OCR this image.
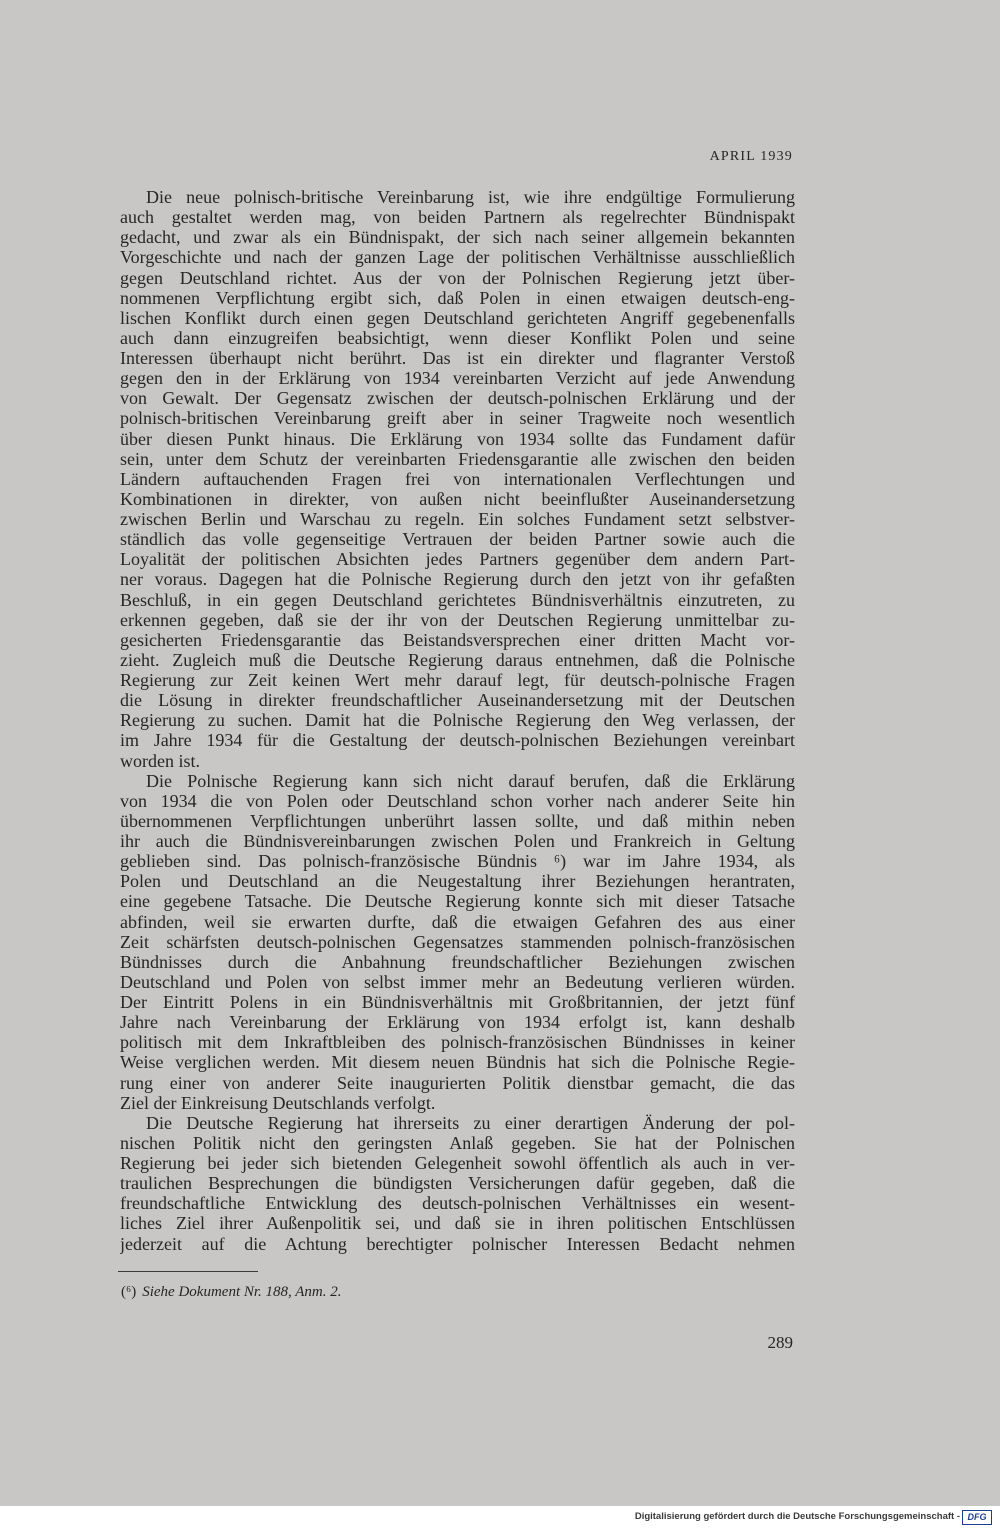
APRIL 1939
Die neue polnisch-britische Vereinbarung ist, wie ihre endgültige Formulierung
auch gestaltet werden mag, von beiden Partnern als regelrechter Bündnispakt
gedacht, und zwar als ein Bündnispakt, der sich nach seiner allgemein bekannten
Vorgeschichte und nach der ganzen Lage der politischen Verhältnisse ausschließlich
gegen Deutschland richtet. Aus der von der Polnischen Regierung jetzt über-
nommenen Verpflichtung ergibt sich, daß Polen in einen etwaigen deutsch-eng-
lischen Konflikt durch einen gegen Deutschland gerichteten Angriff gegebenenfalls
auch dann einzugreifen beabsichtigt, wenn dieser Konflikt Polen und seine
Interessen überhaupt nicht berührt. Das ist ein direkter und flagranter Verstoß
gegen den in der Erklärung von 1934 vereinbarten Verzicht auf jede Anwendung
von Gewalt. Der Gegensatz zwischen der deutsch-polnischen Erklärung und der
polnisch-britischen Vereinbarung greift aber in seiner Tragweite noch wesentlich
über diesen Punkt hinaus. Die Erklärung von 1934 sollte das Fundament dafür
sein, unter dem Schutz der vereinbarten Friedensgarantie alle zwischen den beiden
Ländern auftauchenden Fragen frei von internationalen Verflechtungen und
Kombinationen in direkter, von außen nicht beeinflußter Auseinandersetzung
zwischen Berlin und Warschau zu regeln. Ein solches Fundament setzt selbstver-
ständlich das volle gegenseitige Vertrauen der beiden Partner sowie auch die
Loyalität der politischen Absichten jedes Partners gegenüber dem andern Part-
ner voraus. Dagegen hat die Polnische Regierung durch den jetzt von ihr gefaßten
Beschluß, in ein gegen Deutschland gerichtetes Bündnisverhältnis einzutreten, zu
erkennen gegeben, daß sie der ihr von der Deutschen Regierung unmittelbar zu-
gesicherten Friedensgarantie das Beistandsversprechen einer dritten Macht vor-
zieht. Zugleich muß die Deutsche Regierung daraus entnehmen, daß die Polnische
Regierung zur Zeit keinen Wert mehr darauf legt, für deutsch-polnische Fragen
die Lösung in direkter freundschaftlicher Auseinandersetzung mit der Deutschen
Regierung zu suchen. Damit hat die Polnische Regierung den Weg verlassen, der
im Jahre 1934 für die Gestaltung der deutsch-polnischen Beziehungen vereinbart
worden ist.
Die Polnische Regierung kann sich nicht darauf berufen, daß die Erklärung
von 1934 die von Polen oder Deutschland schon vorher nach anderer Seite hin
übernommenen Verpflichtungen unberührt lassen sollte, und daß mithin neben
ihr auch die Bündnisvereinbarungen zwischen Polen und Frankreich in Geltung
geblieben sind. Das polnisch-französische Bündnis ⁶) war im Jahre 1934, als
Polen und Deutschland an die Neugestaltung ihrer Beziehungen herantraten,
eine gegebene Tatsache. Die Deutsche Regierung konnte sich mit dieser Tatsache
abfinden, weil sie erwarten durfte, daß die etwaigen Gefahren des aus einer
Zeit schärfsten deutsch-polnischen Gegensatzes stammenden polnisch-französischen
Bündnisses durch die Anbahnung freundschaftlicher Beziehungen zwischen
Deutschland und Polen von selbst immer mehr an Bedeutung verlieren würden.
Der Eintritt Polens in ein Bündnisverhältnis mit Großbritannien, der jetzt fünf
Jahre nach Vereinbarung der Erklärung von 1934 erfolgt ist, kann deshalb
politisch mit dem Inkraftbleiben des polnisch-französischen Bündnisses in keiner
Weise verglichen werden. Mit diesem neuen Bündnis hat sich die Polnische Regie-
rung einer von anderer Seite inaugurierten Politik dienstbar gemacht, die das
Ziel der Einkreisung Deutschlands verfolgt.
Die Deutsche Regierung hat ihrerseits zu einer derartigen Änderung der pol-
nischen Politik nicht den geringsten Anlaß gegeben. Sie hat der Polnischen
Regierung bei jeder sich bietenden Gelegenheit sowohl öffentlich als auch in ver-
traulichen Besprechungen die bündigsten Versicherungen dafür gegeben, daß die
freundschaftliche Entwicklung des deutsch-polnischen Verhältnisses ein wesent-
liches Ziel ihrer Außenpolitik sei, und daß sie in ihren politischen Entschlüssen
jederzeit auf die Achtung berechtigter polnischer Interessen Bedacht nehmen
(⁶) Siehe Dokument Nr. 188, Anm. 2.
289
Digitalisierung gefördert durch die Deutsche Forschungsgemeinschaft - DFG
